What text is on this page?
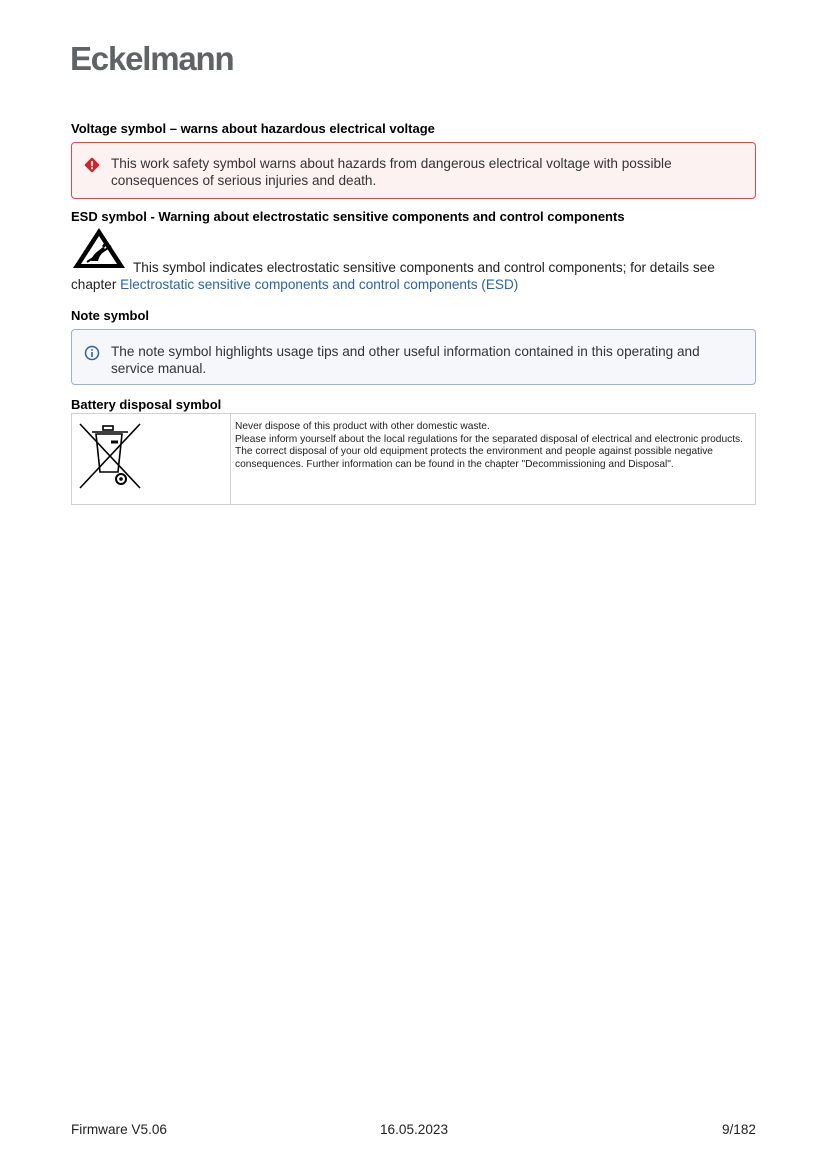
Eckelmann
Voltage symbol – warns about hazardous electrical voltage
This work safety symbol warns about hazards from dangerous electrical voltage with possible consequences of serious injuries and death.
ESD symbol - Warning about electrostatic sensitive components and control components
This symbol indicates electrostatic sensitive components and control components; for details see chapter Electrostatic sensitive components and control components (ESD)
Note symbol
The note symbol highlights usage tips and other useful information contained in this operating and service manual.
Battery disposal symbol

Never dispose of this product with other domestic waste.
Please inform yourself about the local regulations for the separated disposal of electrical and electronic products.
The correct disposal of your old equipment protects the environment and people against possible negative consequences. Further information can be found in the chapter "Decommissioning and Disposal".
Firmware V5.06	16.05.2023	9/182
